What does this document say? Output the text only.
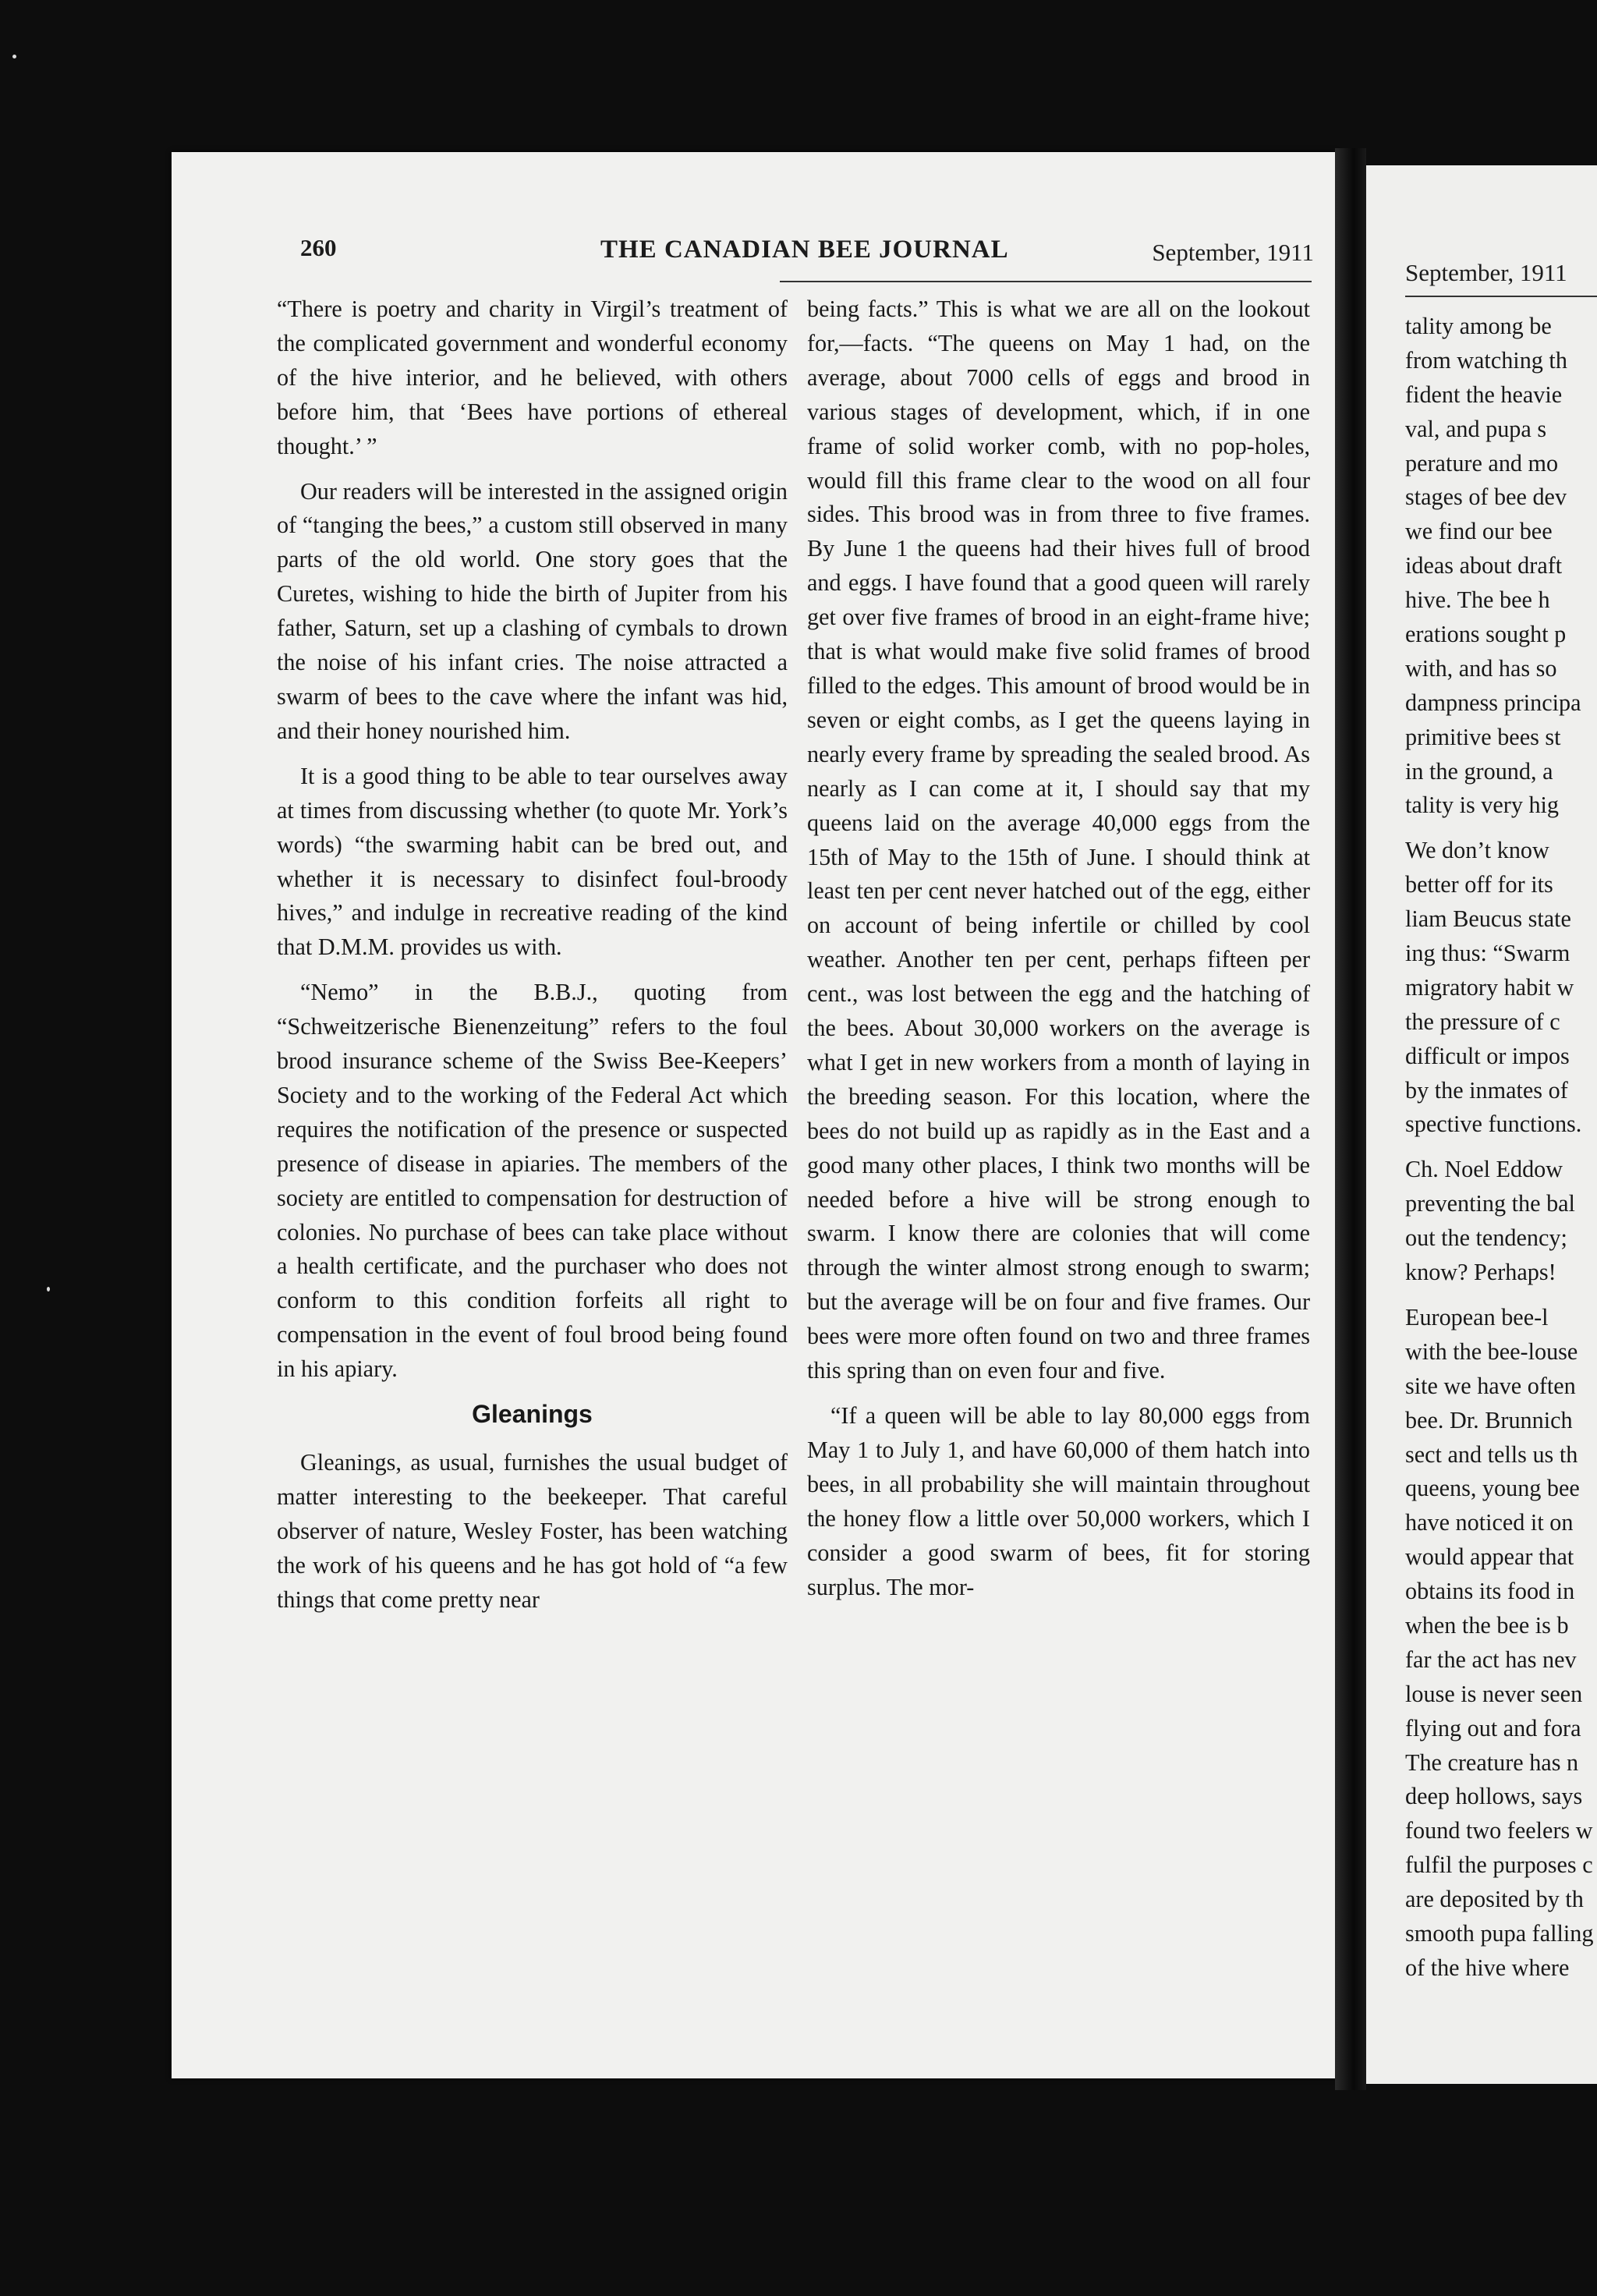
September, 1911
tality among be
from watching th
fident the heavie
val, and pupa s
perature and mo
stages of bee dev
we find our bee
ideas about draft
hive. The bee h
erations sought p
with, and has so
dampness principa
primitive bees st
in the ground, a
tality is very hig
We don’t know
better off for its
liam Beucus state
ing thus: “Swarm
migratory habit w
the pressure of c
difficult or impos
by the inmates of
spective functions.
Ch. Noel Eddow
preventing the bal
out the tendency;
know? Perhaps!
European bee-l
with the bee-louse
site we have often
bee. Dr. Brunnich
sect and tells us th
queens, young bee
have noticed it on
would appear that
obtains its food in
when the bee is b
far the act has nev
louse is never seen
flying out and fora
The creature has n
deep hollows, says
found two feelers w
fulfil the purposes c
are deposited by th
smooth pupa falling
of the hive where
260	THE CANADIAN BEE JOURNAL	September, 1911

“There is poetry and charity in Virgil’s treatment of the complicated government and wonderful economy of the hive interior, and he believed, with others before him, that ‘Bees have portions of ethereal thought.’ ”

Our readers will be interested in the assigned origin of “tanging the bees,” a custom still observed in many parts of the old world. One story goes that the Curetes, wishing to hide the birth of Jupiter from his father, Saturn, set up a clashing of cymbals to drown the noise of his infant cries. The noise attracted a swarm of bees to the cave where the infant was hid, and their honey nourished him.

It is a good thing to be able to tear ourselves away at times from discussing whether (to quote Mr. York’s words) “the swarming habit can be bred out, and whether it is necessary to disinfect foul-broody hives,” and indulge in recreative reading of the kind that D.M.M. provides us with.

“Nemo” in the B.B.J., quoting from “Schweitzerische Bienenzeitung” refers to the foul brood insurance scheme of the Swiss Bee-Keepers’ Society and to the working of the Federal Act which requires the notification of the presence or suspected presence of disease in apiaries. The members of the society are entitled to compensation for destruction of colonies. No purchase of bees can take place without a health certificate, and the purchaser who does not conform to this condition forfeits all right to compensation in the event of foul brood being found in his apiary.

Gleanings

Gleanings, as usual, furnishes the usual budget of matter interesting to the beekeeper. That careful observer of nature, Wesley Foster, has been watching the work of his queens and he has got hold of “a few things that come pretty near

being facts.” This is what we are all on the lookout for,—facts. “The queens on May 1 had, on the average, about 7000 cells of eggs and brood in various stages of development, which, if in one frame of solid worker comb, with no pop-holes, would fill this frame clear to the wood on all four sides. This brood was in from three to five frames. By June 1 the queens had their hives full of brood and eggs. I have found that a good queen will rarely get over five frames of brood in an eight-frame hive; that is what would make five solid frames of brood filled to the edges. This amount of brood would be in seven or eight combs, as I get the queens laying in nearly every frame by spreading the sealed brood. As nearly as I can come at it, I should say that my queens laid on the average 40,000 eggs from the 15th of May to the 15th of June. I should think at least ten per cent never hatched out of the egg, either on account of being infertile or chilled by cool weather. Another ten per cent, perhaps fifteen per cent., was lost between the egg and the hatching of the bees. About 30,000 workers on the average is what I get in new workers from a month of laying in the breeding season. For this location, where the bees do not build up as rapidly as in the East and a good many other places, I think two months will be needed before a hive will be strong enough to swarm. I know there are colonies that will come through the winter almost strong enough to swarm; but the average will be on four and five frames. Our bees were more often found on two and three frames this spring than on even four and five.

“If a queen will be able to lay 80,000 eggs from May 1 to July 1, and have 60,000 of them hatch into bees, in all probability she will maintain throughout the honey flow a little over 50,000 workers, which I consider a good swarm of bees, fit for storing surplus. The mor-
